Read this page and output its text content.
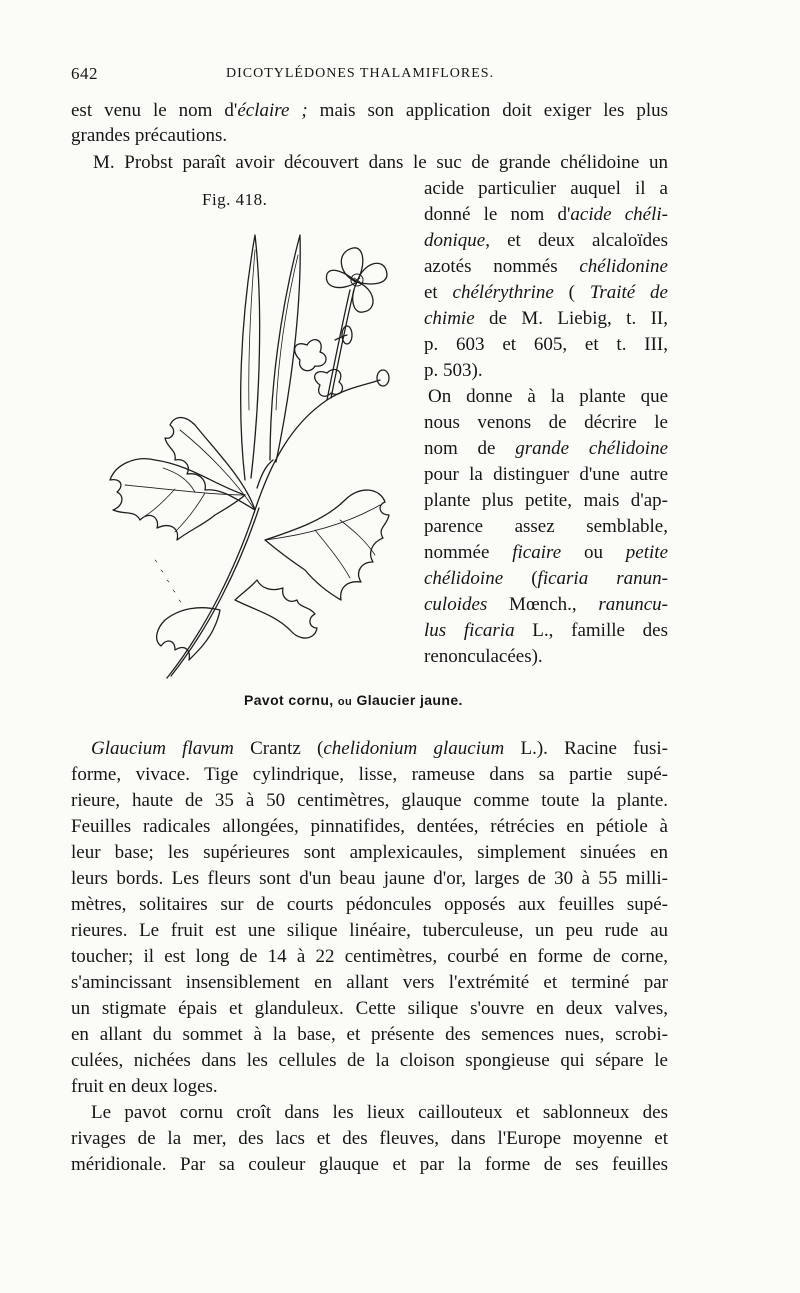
642	DICOTYLÉDONES THALAMIFLORES.
est venu le nom d'éclaire ; mais son application doit exiger les plus
grandes précautions.
M. Probst paraît avoir découvert dans le suc de grande chélidoine un
acide particulier auquel il a
donné le nom d'acide chéli-
donique, et deux alcaloïdes
azotés nommés chélidonine
et chélérythrine ( Traité de
chimie de M. Liebig, t. II,
p. 603 et 605, et t. III,
p. 503).
On donne à la plante que
nous venons de décrire le
nom de grande chélidoine
pour la distinguer d'une autre
plante plus petite, mais d'ap-
parence assez semblable,
nommée ficaire ou petite
chélidoine (ficaria ranun-
culoides Mœnch., ranuncu-
lus ficaria L., famille des
renonculacées).
Fig. 418.
Pavot cornu, ou Glaucier jaune.
Glaucium flavum Crantz (chelidonium glaucium L.). Racine fusi-
forme, vivace. Tige cylindrique, lisse, rameuse dans sa partie supé-
rieure, haute de 35 à 50 centimètres, glauque comme toute la plante.
Feuilles radicales allongées, pinnatifides, dentées, rétrécies en pétiole à
leur base; les supérieures sont amplexicaules, simplement sinuées en
leurs bords. Les fleurs sont d'un beau jaune d'or, larges de 30 à 55 milli-
mètres, solitaires sur de courts pédoncules opposés aux feuilles supé-
rieures. Le fruit est une silique linéaire, tuberculeuse, un peu rude au
toucher; il est long de 14 à 22 centimètres, courbé en forme de corne,
s'amincissant insensiblement en allant vers l'extrémité et terminé par
un stigmate épais et glanduleux. Cette silique s'ouvre en deux valves,
en allant du sommet à la base, et présente des semences nues, scrobi-
culées, nichées dans les cellules de la cloison spongieuse qui sépare le
fruit en deux loges.
Le pavot cornu croît dans les lieux caillouteux et sablonneux des
rivages de la mer, des lacs et des fleuves, dans l'Europe moyenne et
méridionale. Par sa couleur glauque et par la forme de ses feuilles
